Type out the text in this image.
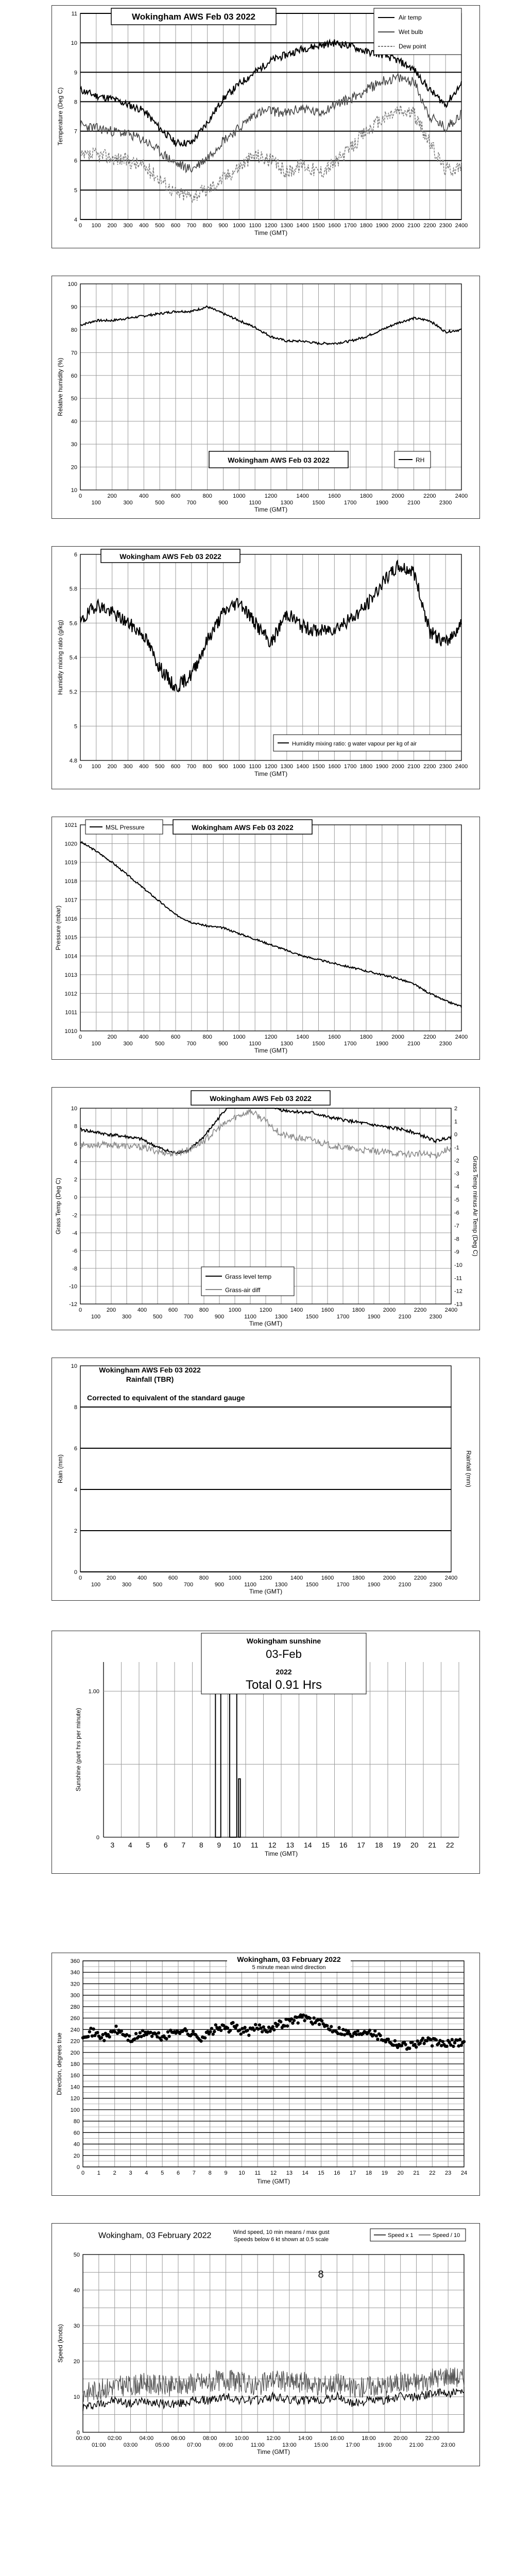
4
5
6
7
8
9
10
11
0 100 200 300 400 500 600 700 800 900 1000 1100 1200 1300 1400 1500 1600 1700 1800 1900 2000 2100 2200 2300 2400
Time (GMT)
Temperature (Deg C)
Wokingham AWS Feb 03 2022	Air temp
Wet bulb
Dew point
10
20
30
40
50
60
70
80
90
100
0	200	400	600	800	1000	1200	1400	1600	1800	2000	2200	2400
100	300	500	700	900	1100	1300	1500	1700	1900	2100	2300
Time (GMT)
Relative humidity (%)
Wokingham AWS Feb 03 2022	RH
4.8
5
5.2
5.4
5.6
5.8
6
0 100 200 300 400 500 600 700 800 900 1000 1100 1200 1300 1400 1500 1600 1700 1800 1900 2000 2100 2200 2300 2400
Time (GMT)
Humidity mixing ratio (g/kg)
Wokingham AWS Feb 03 2022
Humidity mixing ratio: g water vapour per kg of air
1010
1011
1012
1013
1014
1015
1016
1017
1018
1019
1020
1021
0	200	400	600	800	1000	1200	1400	1600	1800	2000	2200	2400
100	300	500	700	900	1100	1300	1500	1700	1900	2100	2300
Time (GMT)
Pressure (mbar)
MSL Pressure	Wokingham AWS Feb 03 2022
-12
-10
-8
-6
-4
-2
0
2
4
6
8
10
-13
-12
-11
-10
-9
-8
-7
-6
-5
-4
-3
-2
-1
0
1
2
0	200	400	600	800	1000	1200	1400	1600	1800	2000	2200	2400
100	300	500	700	900	1100	1300	1500	1700	1900	2100	2300
Time (GMT)
Grass Temp (Deg C)	Grass Temp minus Air Temp (Deg C)
Wokingham AWS Feb 03 2022
Grass level temp
Grass-air diff
0
2
4
6
8
10
0	200	400	600	800	1000	1200	1400	1600	1800	2000	2200	2400
100	300	500	700	900	1100	1300	1500	1700	1900	2100	2300
Time (GMT)
Rain (mm)	Rainfall (mm)
Wokingham AWS Feb 03 2022
Rainfall (TBR)
Corrected to equivalent of the standard gauge
1.00
0
3 4 5 6 7 8 9 10 11 12 13 14 15 16 17 18 19 20 21 22
Time (GMT)
Sunshine (part hrs per minute)
Wokingham sunshine
03-Feb
2022
Total 0.91 Hrs
0
20
40
60
80
100
120
140
160
180
200
220
240
260
280
300
320
340
360
0 1 2 3 4 5 6 7 8 9 10 11 12 13 14 15 16 17 18 19 20 21 22 23 24
Time (GMT)
Direction, degrees true
Wokingham, 03 February 2022
5 minute mean wind direction
0
10
20
30
40
50
00:00	02:00	04:00	06:00	08:00	10:00	12:00	14:00	16:00	18:00	20:00	22:00
01:00	03:00	05:00	07:00	09:00	11:00	13:00	15:00	17:00	19:00	21:00	23:00
Time (GMT)
Speed (knots)
Wokingham, 03 February 2022	Wind speed, 10 min means / max gust
Speeds below 6 kt shown at 0.5 scale
8
Speed x 1	Speed / 10
